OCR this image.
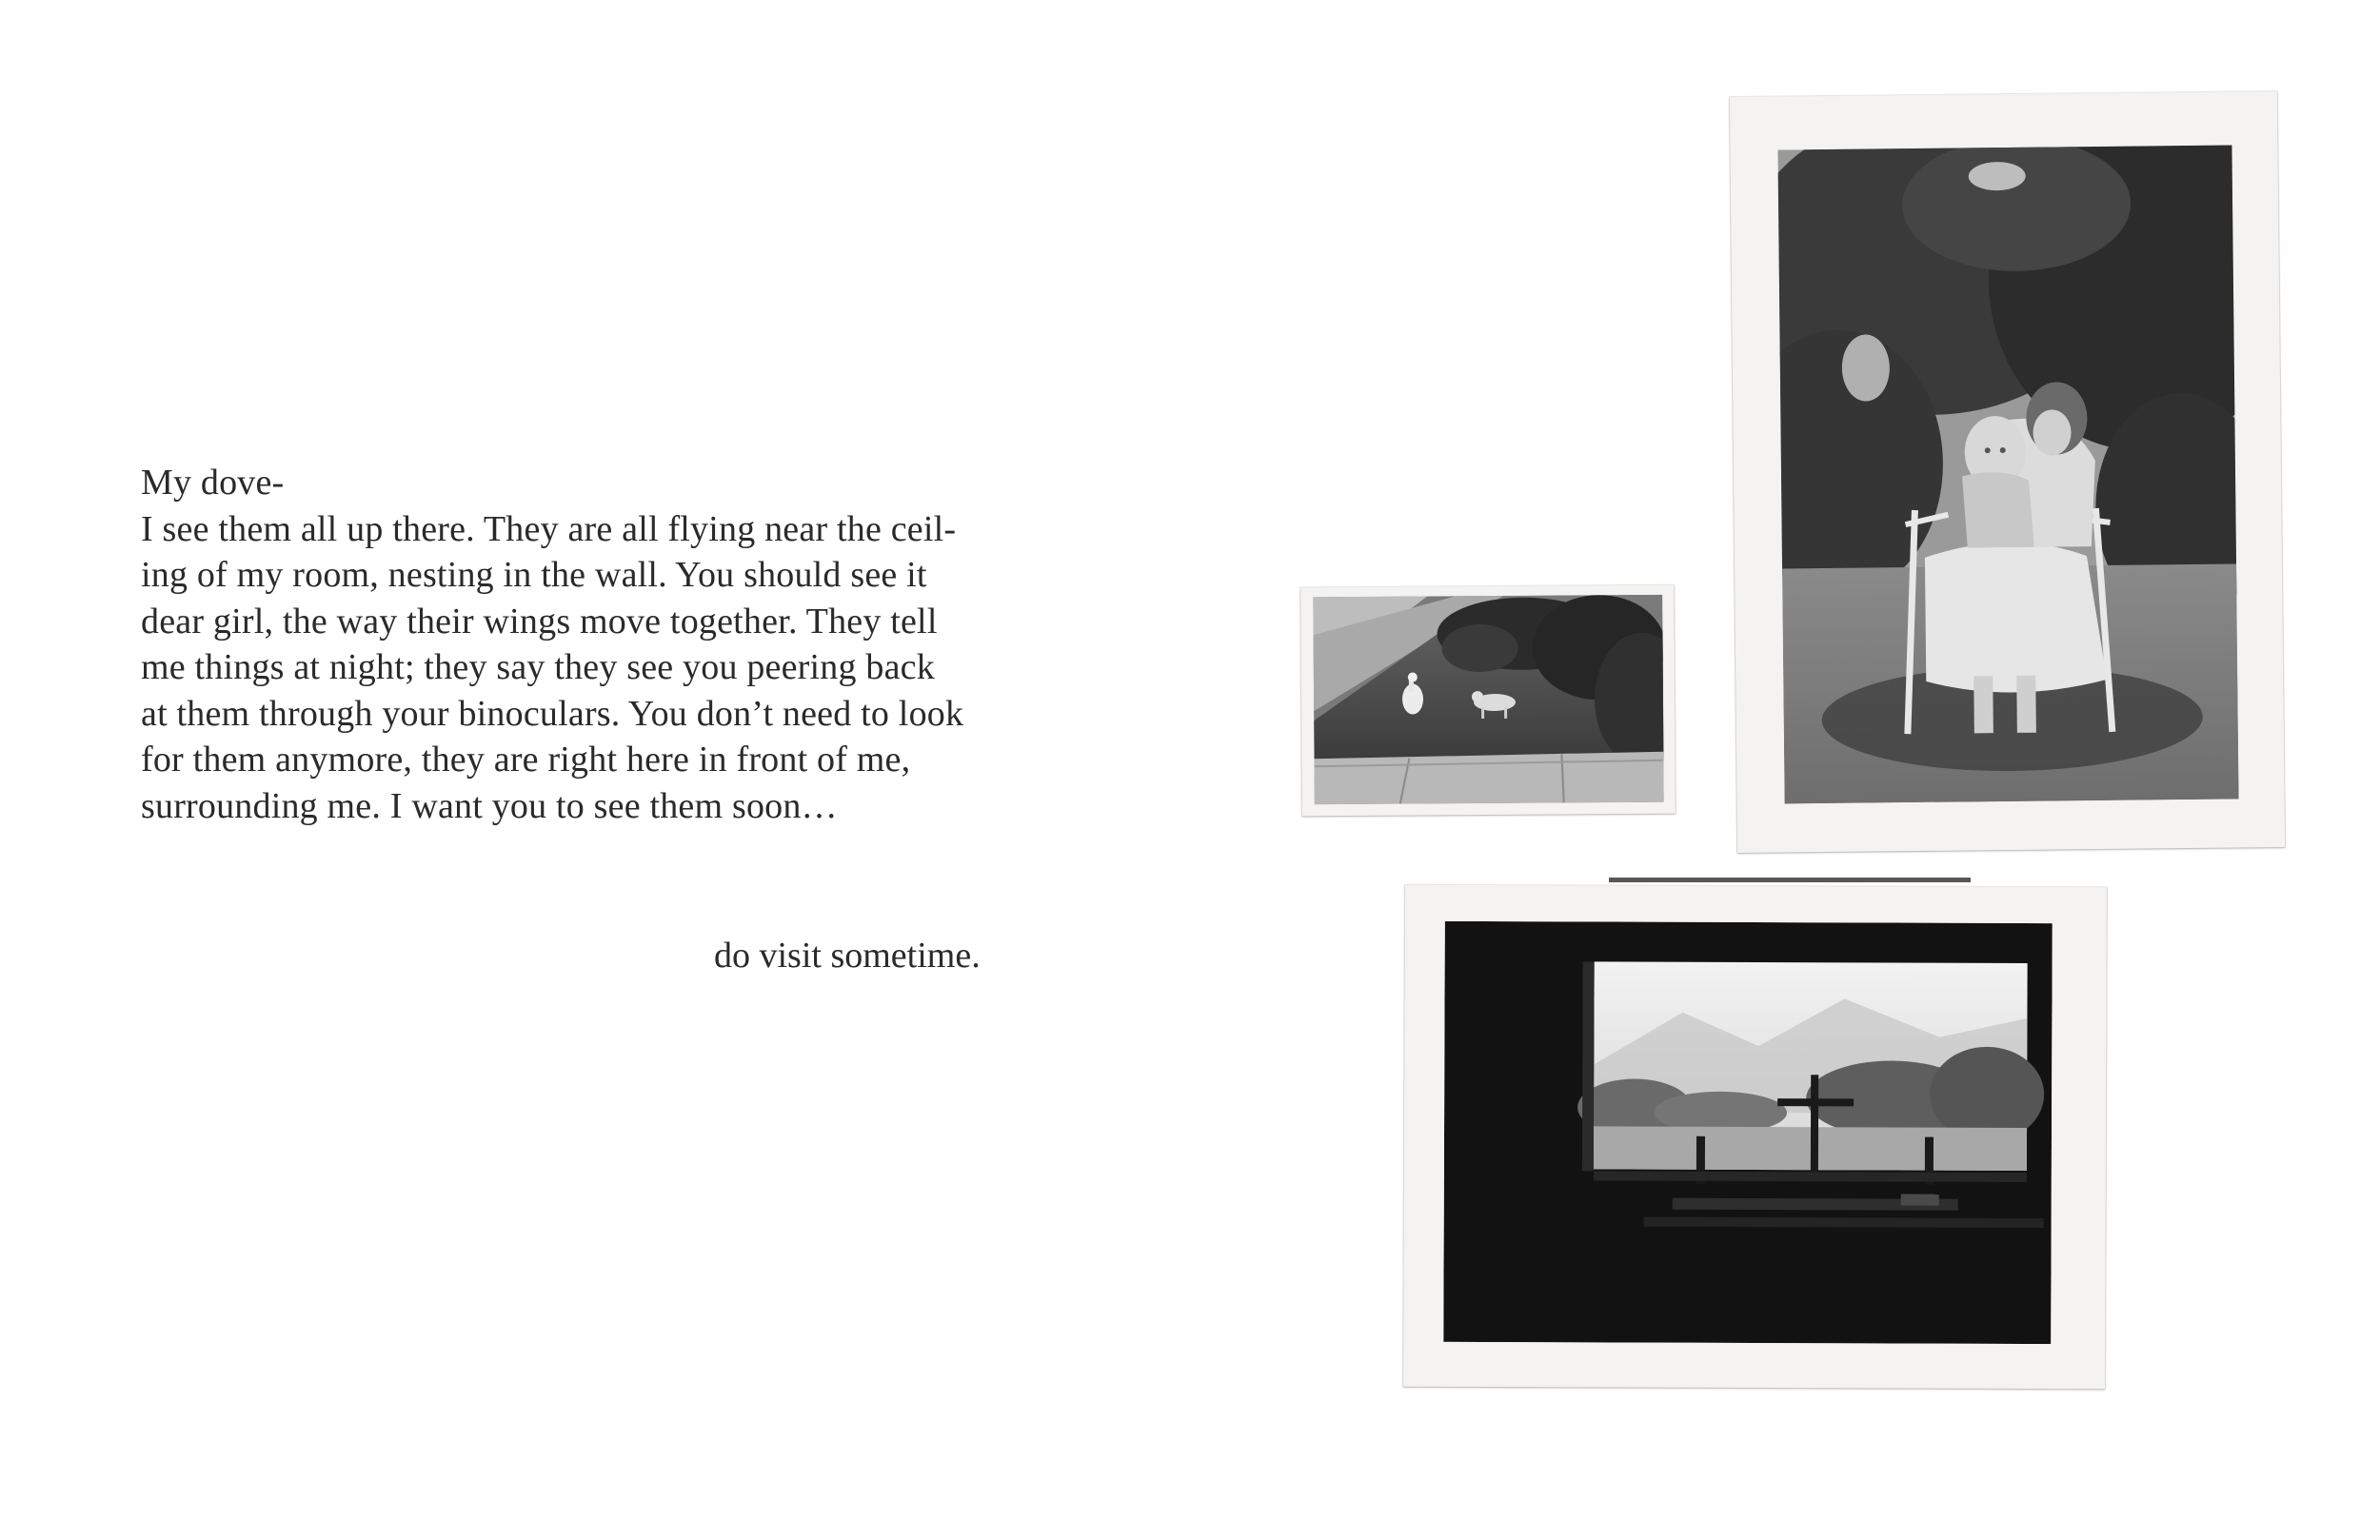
My dove-
I see them all up there. They are all flying near the ceil-
ing of my room, nesting in the wall. You should see it
dear girl, the way their wings move together. They tell
me things at night; they say they see you peering back
at them through your binoculars. You don’t need to look
for them anymore, they are right here in front of me,
surrounding me. I want you to see them soon…
do visit sometime.
